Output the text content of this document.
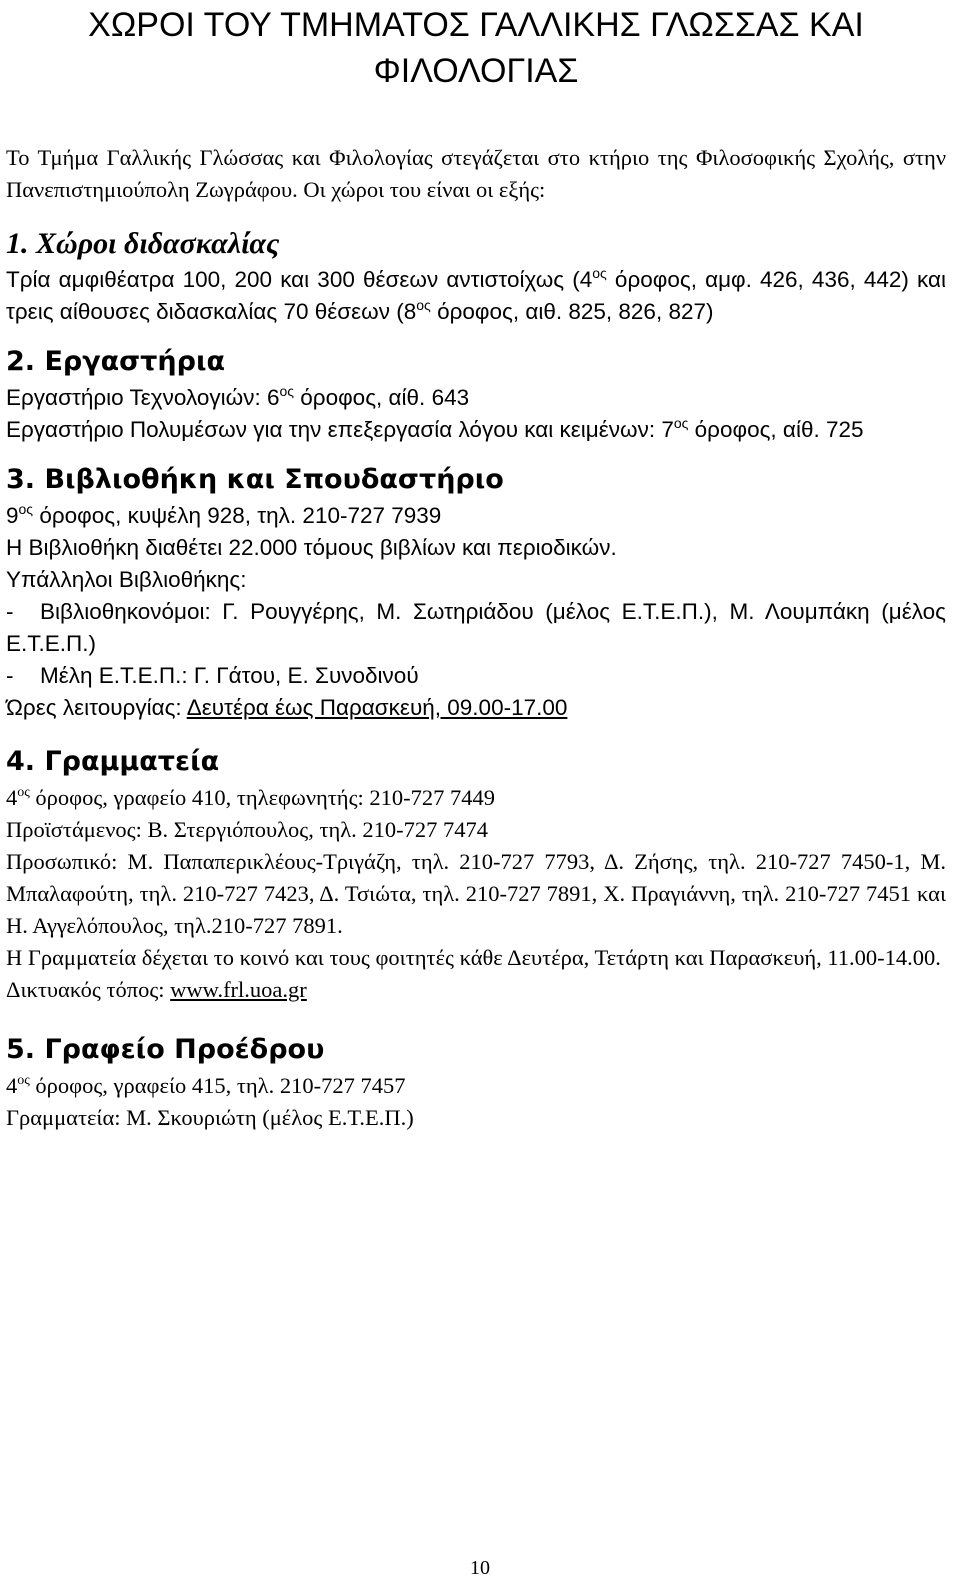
ΧΩΡΟΙ ΤΟΥ ΤΜΗΜΑΤΟΣ ΓΑΛΛΙΚΗΣ ΓΛΩΣΣΑΣ ΚΑΙ ΦΙΛΟΛΟΓΙΑΣ

Το Τμήμα Γαλλικής Γλώσσας και Φιλολογίας στεγάζεται στο κτήριο της Φιλοσοφικής Σχολής, στην Πανεπιστημιούπολη Ζωγράφου. Οι χώροι του είναι οι εξής:

1. Χώροι διδασκαλίας

Τρία αμφιθέατρα 100, 200 και 300 θέσεων αντιστοίχως ($4^{o\varsigma}$ όροφος, αμφ. 426, 436, 442) και τρεις αίθουσες διδασκαλίας 70 θέσεων ($8^{o\varsigma}$ όροφος, αιθ. 825, 826, 827)

2. Εργαστήρια

Εργαστήριο Τεχνολογιών: $6^{o\varsigma}$ όροφος, αίθ. 643

Εργαστήριο Πολυμέσων για την επεξεργασία λόγου και κειμένων: $7^{o\varsigma}$ όροφος, αίθ. 725

3. Βιβλιοθήκη και Σπουδαστήριο

$9^{o\varsigma}$ όροφος, κυψέλη 928, τηλ. 210-727 7939

Η Βιβλιοθήκη διαθέτει 22.000 τόμους βιβλίων και περιοδικών.

Υπάλληλοι Βιβλιοθήκης:

- Βιβλιοθηκονόμοι: Γ. Ρουγγέρης, Μ. Σωτηριάδου (μέλος Ε.Τ.Ε.Π.), Μ. Λουμπάκη (μέλος Ε.Τ.Ε.Π.)

- Μέλη Ε.Τ.Ε.Π.: Γ. Γάτου, Ε. Συνοδινού

Ώρες λειτουργίας: Δευτέρα έως Παρασκευή, 09.00-17.00

4. Γραμματεία

$4^{o\varsigma}$ όροφος, γραφείο 410, τηλεφωνητής: 210-727 7449

Προϊστάμενος: Β. Στεργιόπουλος, τηλ. 210-727 7474

Προσωπικό: Μ. Παπαπερικλέους-Τριγάζη, τηλ. 210-727 7793, Δ. Ζήσης, τηλ. 210-727 7450-1, Μ. Μπαλαφούτη, τηλ. 210-727 7423, Δ. Τσιώτα, τηλ. 210-727 7891, Χ. Πραγιάννη, τηλ. 210-727 7451 και Η. Αγγελόπουλος, τηλ.210-727 7891.

Η Γραμματεία δέχεται το κοινό και τους φοιτητές κάθε Δευτέρα, Τετάρτη και Παρασκευή, 11.00-14.00.

Δικτυακός τόπος: www.frl.uoa.gr

5. Γραφείο Προέδρου

$4^{o\varsigma}$ όροφος, γραφείο 415, τηλ. 210-727 7457

Γραμματεία: Μ. Σκουριώτη (μέλος Ε.Τ.Ε.Π.)

10
